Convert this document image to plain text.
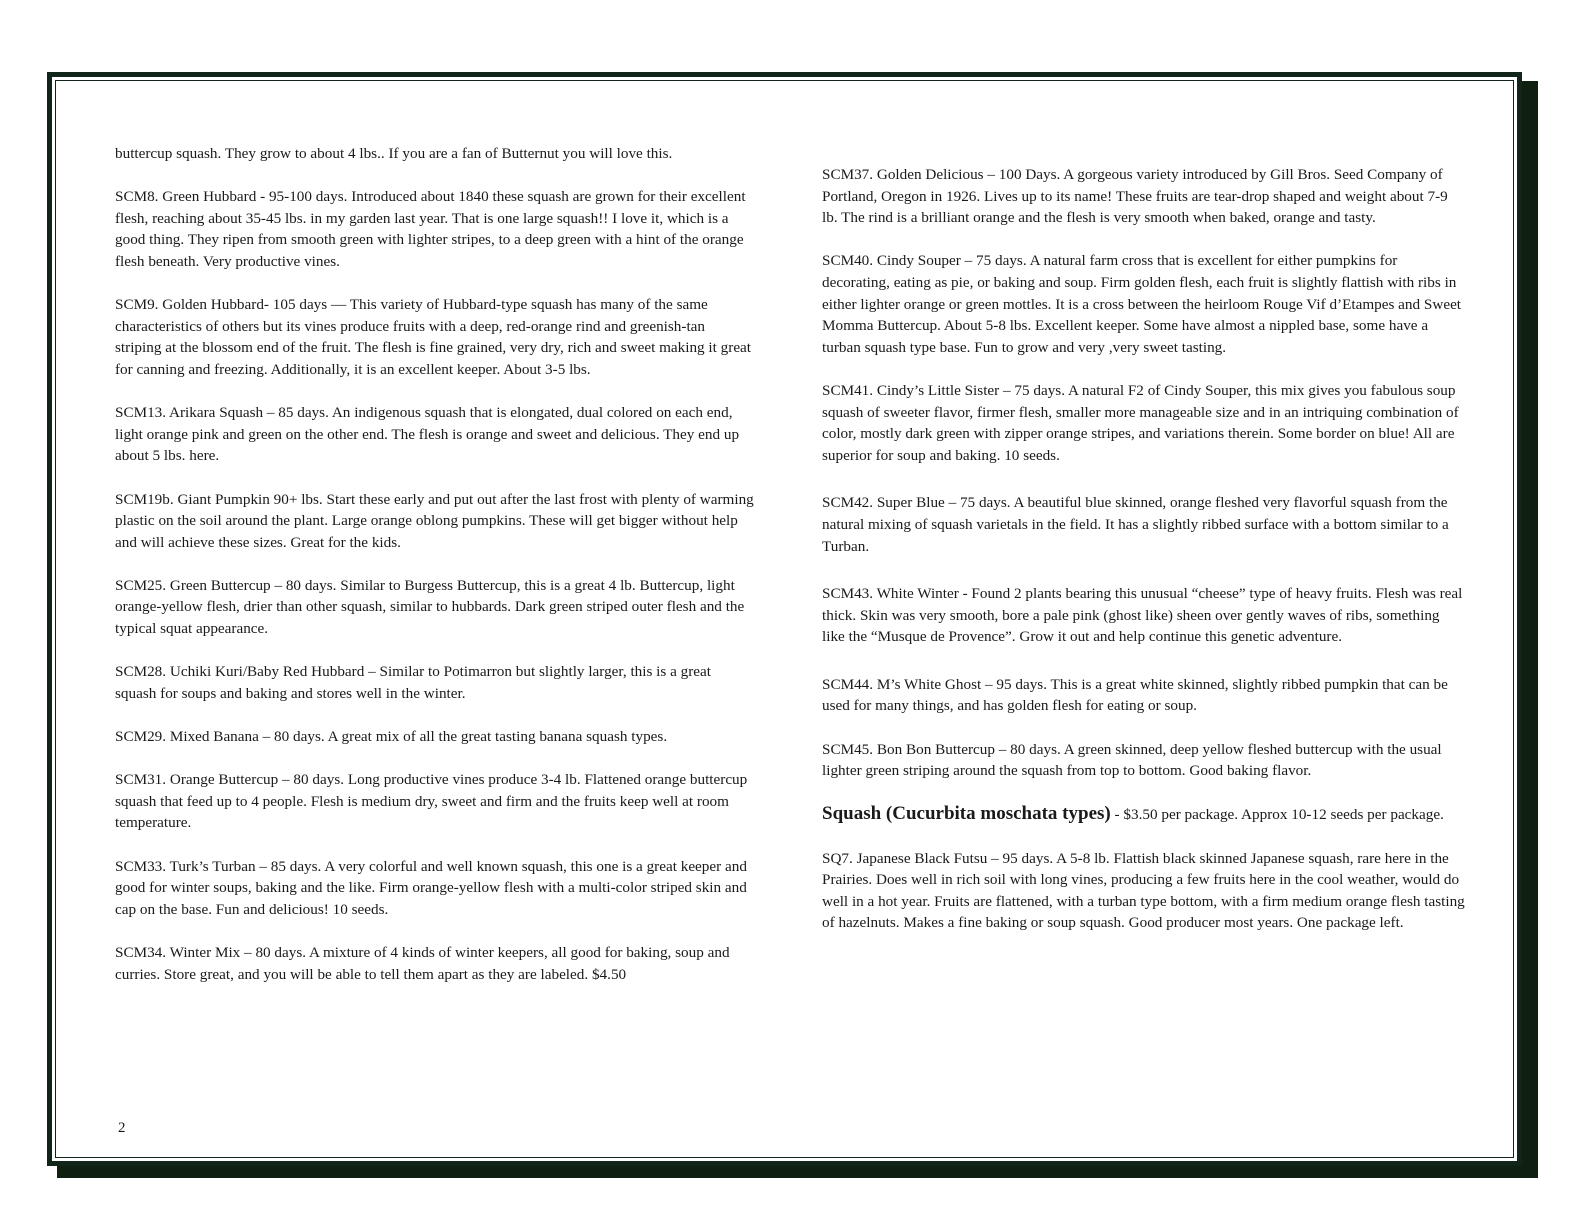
buttercup squash. They grow to about 4 lbs.. If you are a fan of Butternut you will love this.

SCM8. Green Hubbard - 95-100 days. Introduced about 1840 these squash are grown for their excellent flesh, reaching about 35-45 lbs. in my garden last year. That is one large squash!! I love it, which is a good thing. They ripen from smooth green with lighter stripes, to a deep green with a hint of the orange flesh beneath. Very productive vines.

SCM9. Golden Hubbard- 105 days — This variety of Hubbard-type squash has many of the same characteristics of others but its vines produce fruits with a deep, red-orange rind and greenish-tan striping at the blossom end of the fruit. The flesh is fine grained, very dry, rich and sweet making it great for canning and freezing. Additionally, it is an excellent keeper. About 3-5 lbs.

SCM13. Arikara Squash – 85 days. An indigenous squash that is elongated, dual colored on each end, light orange pink and green on the other end. The flesh is orange and sweet and delicious. They end up about 5 lbs. here.

SCM19b. Giant Pumpkin 90+ lbs. Start these early and put out after the last frost with plenty of warming plastic on the soil around the plant. Large orange oblong pumpkins. These will get bigger without help and will achieve these sizes. Great for the kids.

SCM25. Green Buttercup – 80 days. Similar to Burgess Buttercup, this is a great 4 lb. Buttercup, light orange-yellow flesh, drier than other squash, similar to hubbards. Dark green striped outer flesh and the typical squat appearance.

SCM28. Uchiki Kuri/Baby Red Hubbard – Similar to Potimarron but slightly larger, this is a great squash for soups and baking and stores well in the winter.

SCM29. Mixed Banana – 80 days. A great mix of all the great tasting banana squash types.

SCM31. Orange Buttercup – 80 days. Long productive vines produce 3-4 lb. Flattened orange buttercup squash that feed up to 4 people. Flesh is medium dry, sweet and firm and the fruits keep well at room temperature.

SCM33. Turk’s Turban – 85 days. A very colorful and well known squash, this one is a great keeper and good for winter soups, baking and the like. Firm orange-yellow flesh with a multi-color striped skin and cap on the base. Fun and delicious! 10 seeds.

SCM34. Winter Mix – 80 days. A mixture of 4 kinds of winter keepers, all good for baking, soup and curries. Store great, and you will be able to tell them apart as they are labeled. $4.50

SCM37. Golden Delicious – 100 Days. A gorgeous variety introduced by Gill Bros. Seed Company of Portland, Oregon in 1926. Lives up to its name! These fruits are tear-drop shaped and weight about 7-9 lb. The rind is a brilliant orange and the flesh is very smooth when baked, orange and tasty.

SCM40. Cindy Souper – 75 days. A natural farm cross that is excellent for either pumpkins for decorating, eating as pie, or baking and soup. Firm golden flesh, each fruit is slightly flattish with ribs in either lighter orange or green mottles. It is a cross between the heirloom Rouge Vif d’Etampes and Sweet Momma Buttercup. About 5-8 lbs. Excellent keeper. Some have almost a nippled base, some have a turban squash type base. Fun to grow and very ,very sweet tasting.

SCM41. Cindy’s Little Sister – 75 days. A natural F2 of Cindy Souper, this mix gives you fabulous soup squash of sweeter flavor, firmer flesh, smaller more manageable size and in an intriquing combination of color, mostly dark green with zipper orange stripes, and variations therein. Some border on blue! All are superior for soup and baking. 10 seeds.

SCM42. Super Blue – 75 days. A beautiful blue skinned, orange fleshed very flavorful squash from the natural mixing of squash varietals in the field. It has a slightly ribbed surface with a bottom similar to a Turban.

SCM43. White Winter - Found 2 plants bearing this unusual “cheese” type of heavy fruits. Flesh was real thick. Skin was very smooth, bore a pale pink (ghost like) sheen over gently waves of ribs, something like the “Musque de Provence”. Grow it out and help continue this genetic adventure.

SCM44. M’s White Ghost – 95 days. This is a great white skinned, slightly ribbed pumpkin that can be used for many things, and has golden flesh for eating or soup.

SCM45. Bon Bon Buttercup – 80 days. A green skinned, deep yellow fleshed buttercup with the usual lighter green striping around the squash from top to bottom. Good baking flavor.

Squash (Cucurbita moschata types) - $3.50 per package. Approx 10-12 seeds per package.

SQ7. Japanese Black Futsu – 95 days. A 5-8 lb. Flattish black skinned Japanese squash, rare here in the Prairies. Does well in rich soil with long vines, producing a few fruits here in the cool weather, would do well in a hot year. Fruits are flattened, with a turban type bottom, with a firm medium orange flesh tasting of hazelnuts. Makes a fine baking or soup squash. Good producer most years. One package left.

2
